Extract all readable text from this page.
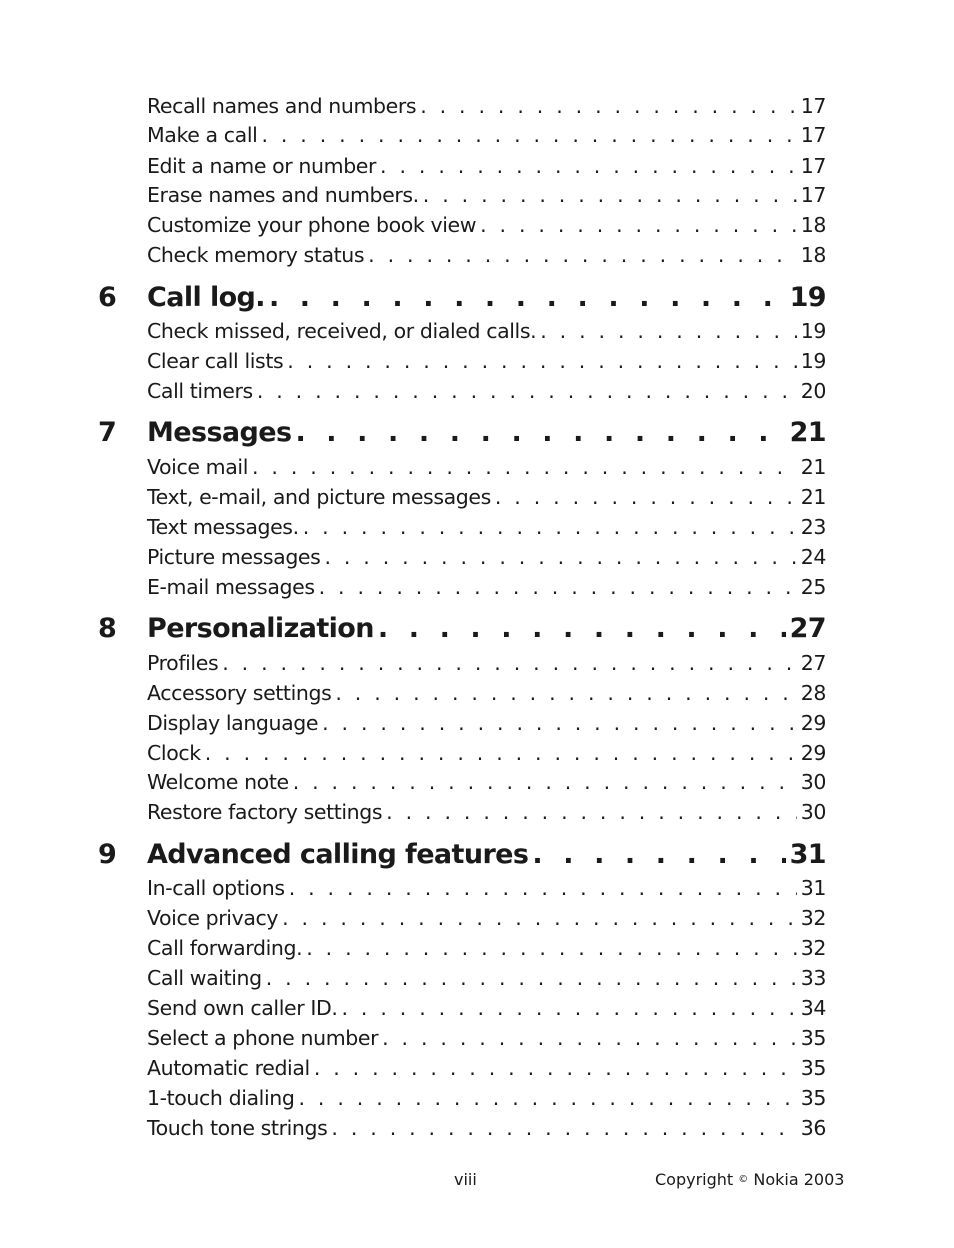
Recall names and numbers . . .	17
Make a call . . .	17
Edit a name or number . . .	17
Erase names and numbers. . . .	17
Customize your phone book view . . .	18
Check memory status . . .	18
6 Call log. . . .	19
Check missed, received, or dialed calls. . . .	19
Clear call lists . . .	19
Call timers . . .	20
7 Messages . . .	21
Voice mail . . .	21
Text, e-mail, and picture messages . . .	21
Text messages. . . .	23
Picture messages . . .	24
E-mail messages . . .	25
8 Personalization . . .	27
Profiles . . .	27
Accessory settings . . .	28
Display language . . .	29
Clock . . .	29
Welcome note . . .	30
Restore factory settings . . .	30
9 Advanced calling features . . .	31
In-call options . . .	31
Voice privacy . . .	32
Call forwarding. . . .	32
Call waiting . . .	33
Send own caller ID. . . .	34
Select a phone number . . .	35
Automatic redial . . .	35
1-touch dialing . . .	35
Touch tone strings . . .	36
viii	Copyright © Nokia 2003
